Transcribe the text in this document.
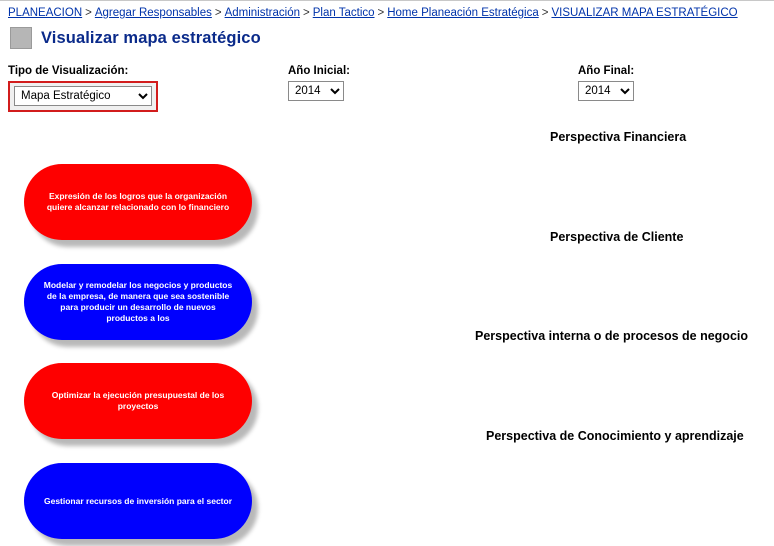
PLANEACION > Agregar Responsables > Administración > Plan Tactico > Home Planeación Estratégica > VISUALIZAR MAPA ESTRATÉGICO
Visualizar mapa estratégico
Tipo de Visualización:
Mapa Estratégico	Año Inicial:
2014	Año Final:
2014
Perspectiva Financiera
Perspectiva de Cliente
Perspectiva interna o de procesos de negocio
Perspectiva de Conocimiento y aprendizaje
Expresión de los logros que la organización quiere alcanzar relacionado con lo financiero
Modelar y remodelar los negocios y productos de la empresa, de manera que sea sostenible para producir un desarrollo de nuevos productos a los
Optimizar la ejecución presupuestal de los proyectos
Gestionar recursos de inversión para el sector
